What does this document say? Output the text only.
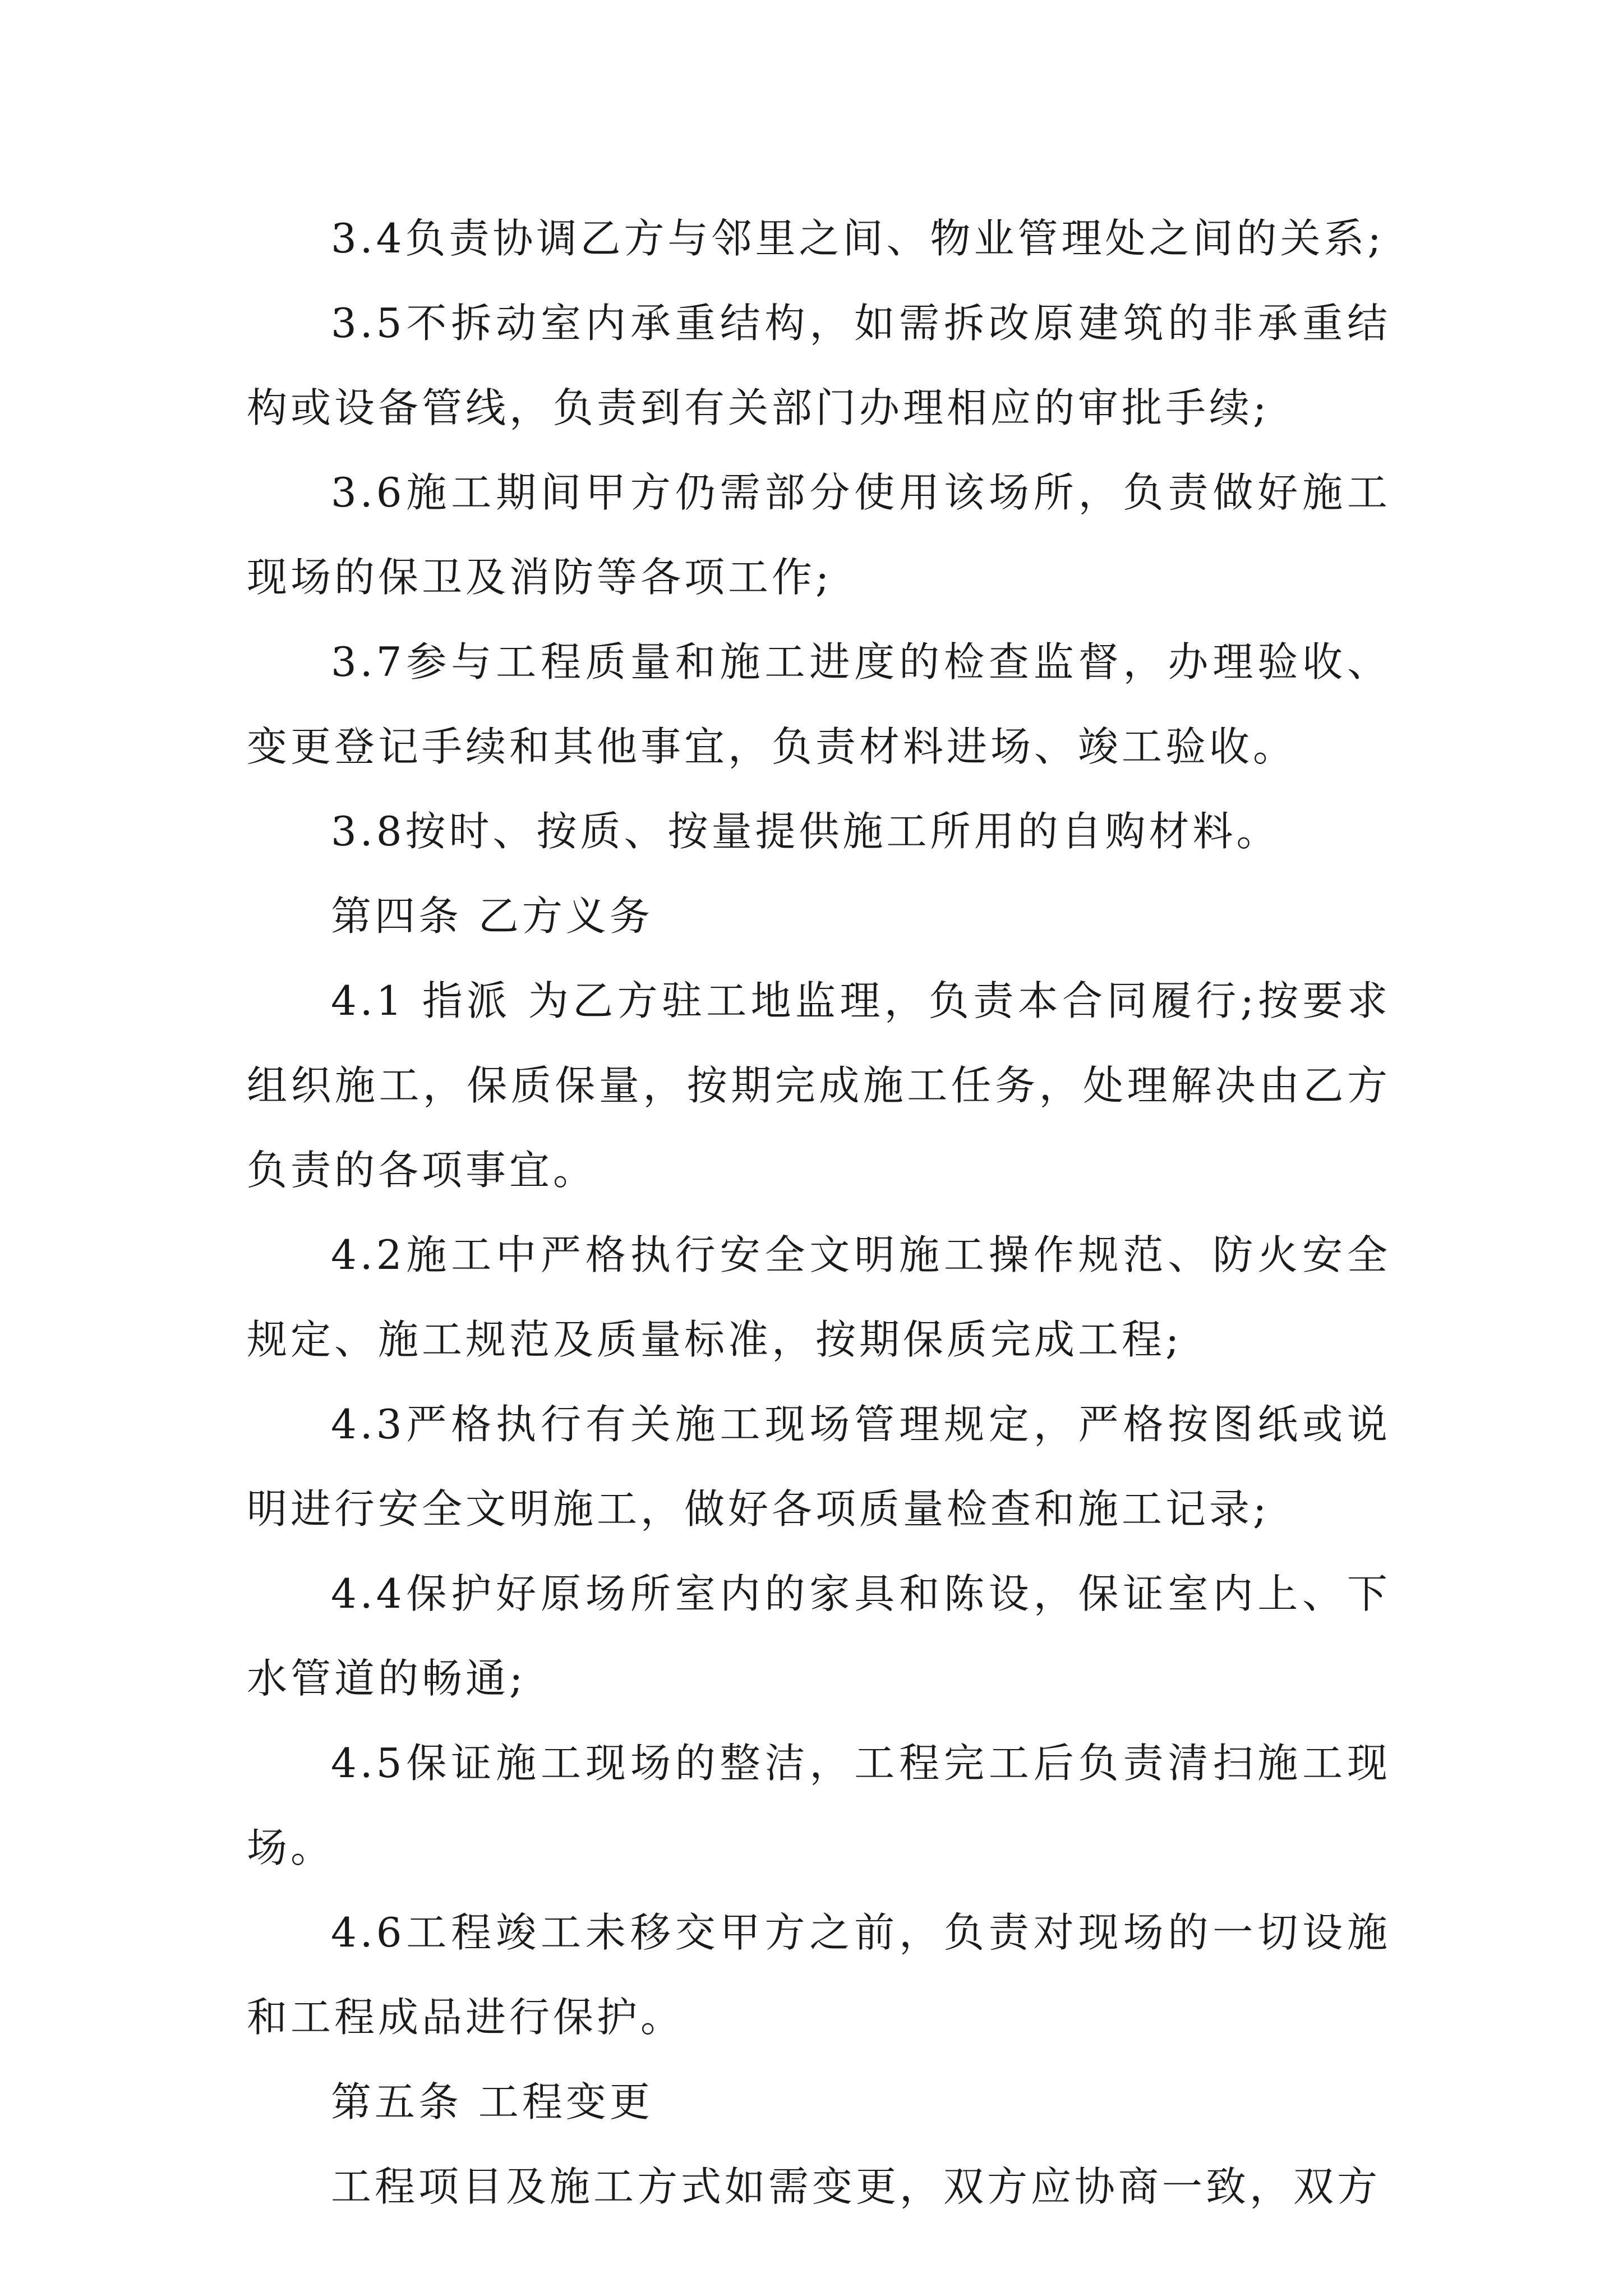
3.4负责协调乙方与邻里之间、物业管理处之间的关系;

3.5不拆动室内承重结构，如需拆改原建筑的非承重结构或设备管线，负责到有关部门办理相应的审批手续;

3.6施工期间甲方仍需部分使用该场所，负责做好施工现场的保卫及消防等各项工作;

3.7参与工程质量和施工进度的检查监督，办理验收、变更登记手续和其他事宜，负责材料进场、竣工验收。

3.8按时、按质、按量提供施工所用的自购材料。

第四条 乙方义务

4.1 指派 为乙方驻工地监理，负责本合同履行;按要求组织施工，保质保量，按期完成施工任务，处理解决由乙方负责的各项事宜。

4.2施工中严格执行安全文明施工操作规范、防火安全规定、施工规范及质量标准，按期保质完成工程;

4.3严格执行有关施工现场管理规定，严格按图纸或说明进行安全文明施工，做好各项质量检查和施工记录;

4.4保护好原场所室内的家具和陈设，保证室内上、下水管道的畅通;

4.5保证施工现场的整洁，工程完工后负责清扫施工现场。

4.6工程竣工未移交甲方之前，负责对现场的一切设施和工程成品进行保护。

第五条 工程变更

工程项目及施工方式如需变更，双方应协商一致，双方
